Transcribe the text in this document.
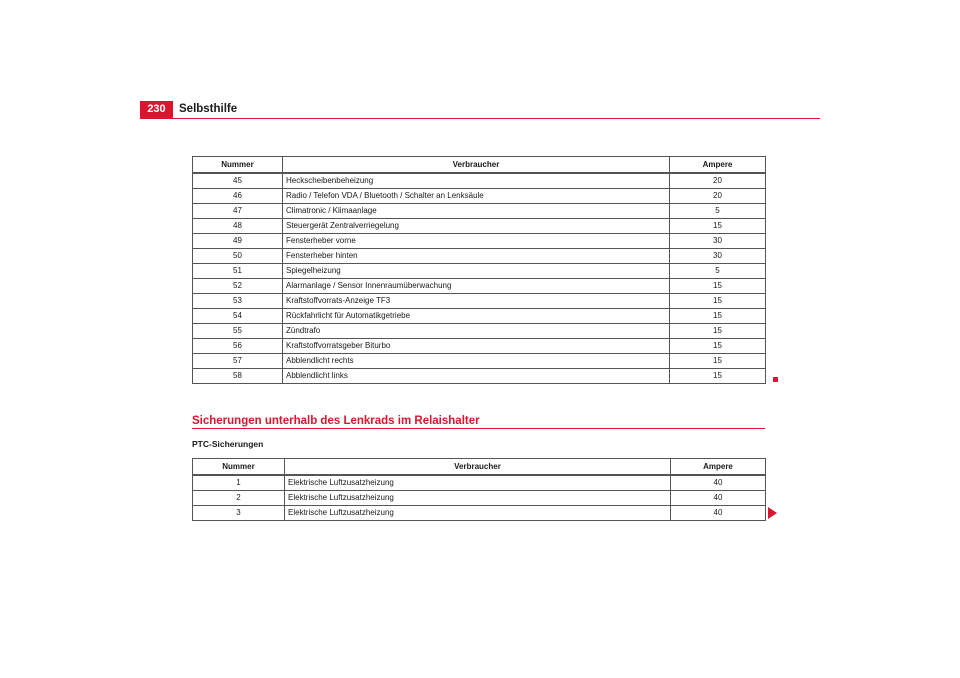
230	Selbsthilfe
Nummer	Verbraucher	Ampere
45	Heckscheibenbeheizung	20
46	Radio / Telefon VDA / Bluetooth / Schalter an Lenksäule	20
47	Climatronic / Klimaanlage	5
48	Steuergerät Zentralverriegelung	15
49	Fensterheber vorne	30
50	Fensterheber hinten	30
51	Spiegelheizung	5
52	Alarmanlage / Sensor Innenraumüberwachung	15
53	Kraftstoffvorrats-Anzeige TF3	15
54	Rückfahrlicht für Automatikgetriebe	15
55	Zündtrafo	15
56	Kraftstoffvorratsgeber Biturbo	15
57	Abblendlicht rechts	15
58	Abblendlicht links	15
Sicherungen unterhalb des Lenkrads im Relaishalter
PTC-Sicherungen
Nummer	Verbraucher	Ampere
1	Elektrische Luftzusatzheizung	40
2	Elektrische Luftzusatzheizung	40
3	Elektrische Luftzusatzheizung	40
